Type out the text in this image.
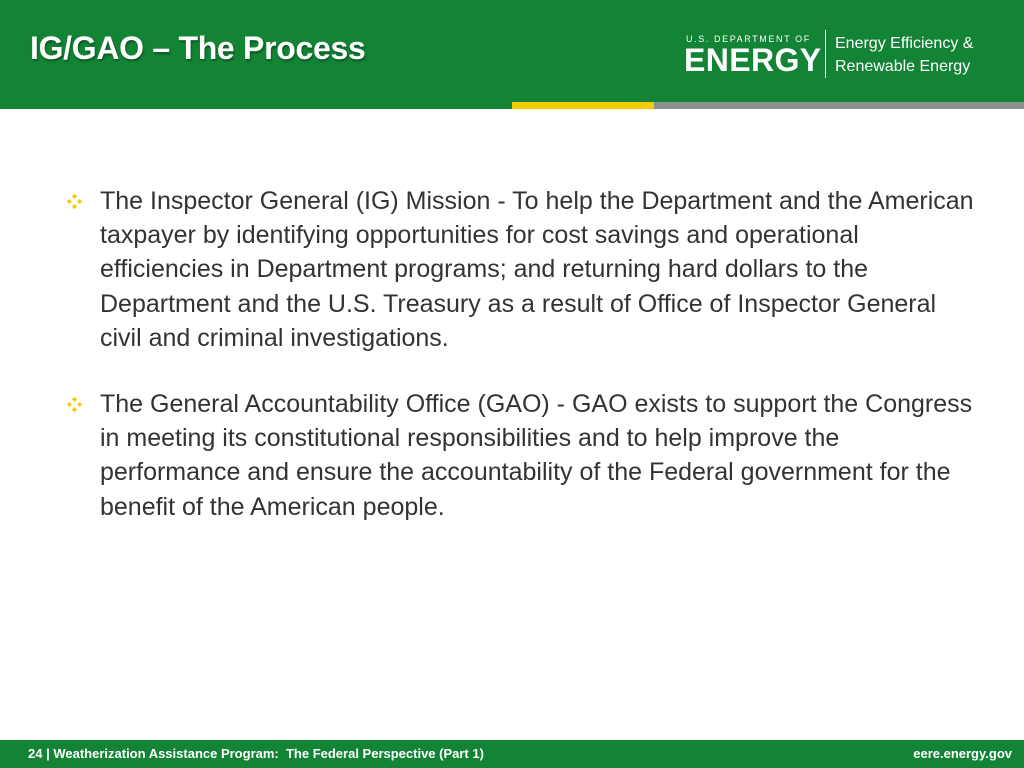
IG/GAO – The Process	U.S. DEPARTMENT OF
ENERGY Energy Efficiency &
Renewable Energy

The Inspector General (IG) Mission - To help the Department and the American taxpayer by identifying opportunities for cost savings and operational efficiencies in Department programs; and returning hard dollars to the Department and the U.S. Treasury as a result of Office of Inspector General civil and criminal investigations.

The General Accountability Office (GAO) - GAO exists to support the Congress in meeting its constitutional responsibilities and to help improve the performance and ensure the accountability of the Federal government for the benefit of the American people.

24 | Weatherization Assistance Program:  The Federal Perspective (Part 1)	eere.energy.gov
